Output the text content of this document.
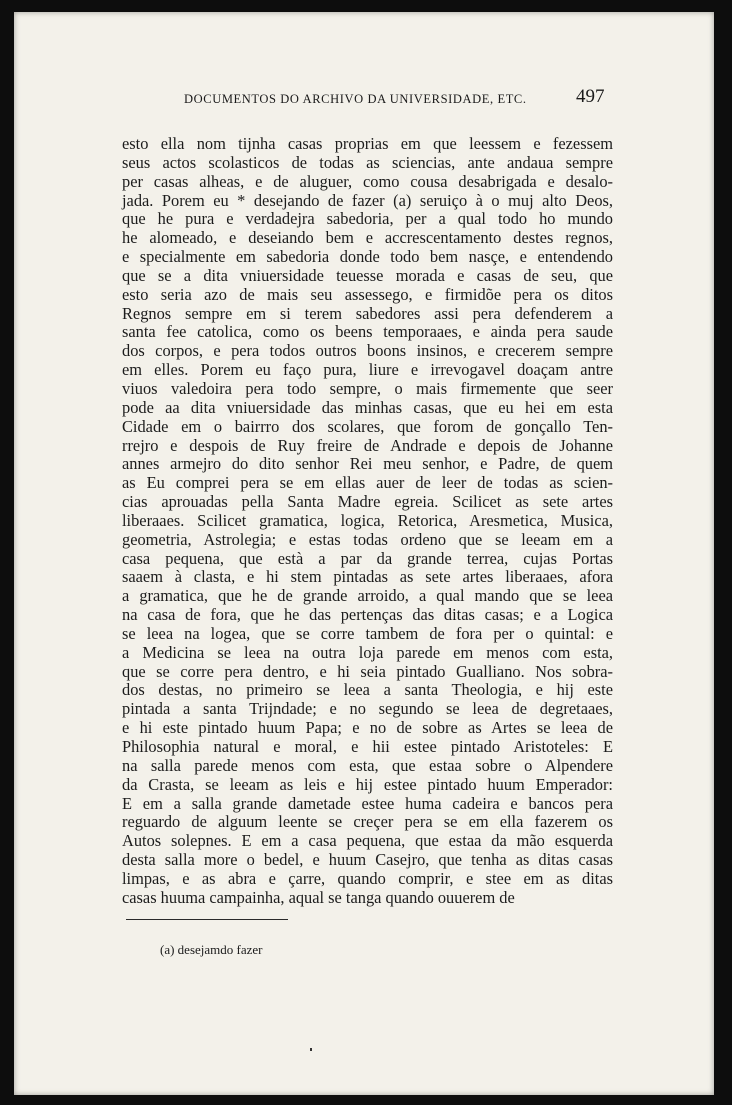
DOCUMENTOS DO ARCHIVO DA UNIVERSIDADE, ETC.	497
esto ella nom tijnha casas proprias em que leessem e fezessem
seus actos scolasticos de todas as sciencias, ante andaua sempre
per casas alheas, e de aluguer, como cousa desabrigada e desalo-
jada. Porem eu * desejando de fazer (a) seruiço à o muj alto Deos,
que he pura e verdadejra sabedoria, per a qual todo ho mundo
he alomeado, e deseiando bem e accrescentamento destes regnos,
e specialmente em sabedoria donde todo bem nasçe, e entendendo
que se a dita vniuersidade teuesse morada e casas de seu, que
esto seria azo de mais seu assessego, e firmidõe pera os ditos
Regnos sempre em si terem sabedores assi pera defenderem a
santa fee catolica, como os beens temporaaes, e ainda pera saude
dos corpos, e pera todos outros boons insinos, e crecerem sempre
em elles. Porem eu faço pura, liure e irrevogavel doaçam antre
viuos valedoira pera todo sempre, o mais firmemente que seer
pode aa dita vniuersidade das minhas casas, que eu hei em esta
Cidade em o bairrro dos scolares, que forom de gonçallo Ten-
rrejro e despois de Ruy freire de Andrade e depois de Johanne
annes armejro do dito senhor Rei meu senhor, e Padre, de quem
as Eu comprei pera se em ellas auer de leer de todas as scien-
cias aprouadas pella Santa Madre egreia. Scilicet as sete artes
liberaaes. Scilicet gramatica, logica, Retorica, Aresmetica, Musica,
geometria, Astrolegia; e estas todas ordeno que se leeam em a
casa pequena, que està a par da grande terrea, cujas Portas
saaem à clasta, e hi stem pintadas as sete artes liberaaes, afora
a gramatica, que he de grande arroido, a qual mando que se leea
na casa de fora, que he das pertenças das ditas casas; e a Logica
se leea na logea, que se corre tambem de fora per o quintal: e
a Medicina se leea na outra loja parede em menos com esta,
que se corre pera dentro, e hi seia pintado Gualliano. Nos sobra-
dos destas, no primeiro se leea a santa Theologia, e hij este
pintada a santa Trijndade; e no segundo se leea de degretaaes,
e hi este pintado huum Papa; e no de sobre as Artes se leea de
Philosophia natural e moral, e hii estee pintado Aristoteles: E
na salla parede menos com esta, que estaa sobre o Alpendere
da Crasta, se leeam as leis e hij estee pintado huum Emperador:
E em a salla grande dametade estee huma cadeira e bancos pera
reguardo de alguum leente se creçer pera se em ella fazerem os
Autos solepnes. E em a casa pequena, que estaa da mão esquerda
desta salla more o bedel, e huum Casejro, que tenha as ditas casas
limpas, e as abra e çarre, quando comprir, e stee em as ditas
casas huuma campainha, aqual se tanga quando ouuerem de
(a) desejamdo fazer
